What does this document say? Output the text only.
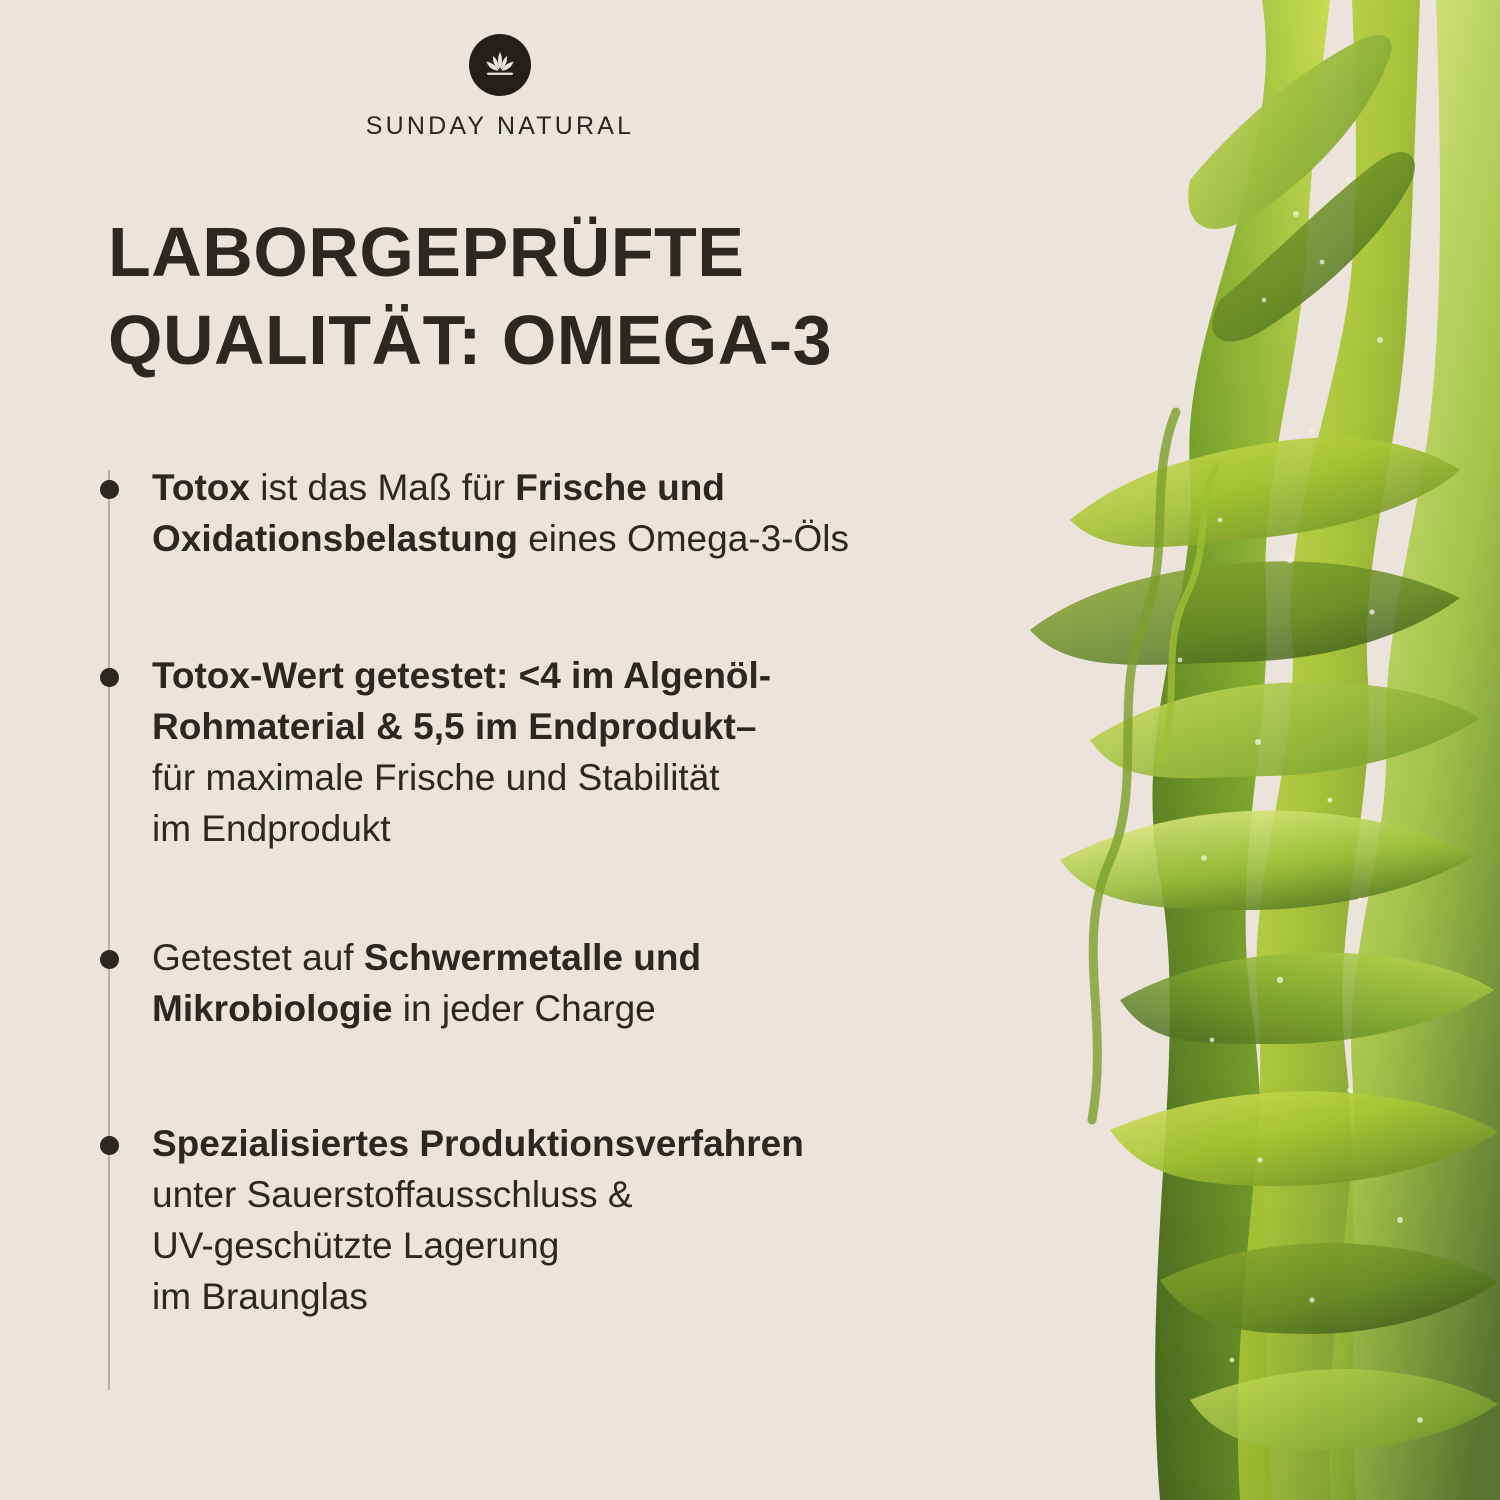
SUNDAY NATURAL
LABORGEPRÜFTE
QUALITÄT: OMEGA-3

Totox ist das Maß für Frische und
Oxidationsbelastung eines Omega-3-Öls

Totox-Wert getestet: <4 im Algenöl-
Rohmaterial & 5,5 im Endprodukt–
für maximale Frische und Stabilität
im Endprodukt

Getestet auf Schwermetalle und
Mikrobiologie in jeder Charge

Spezialisiertes Produktionsverfahren
unter Sauerstoffausschluss &
UV-geschützte Lagerung
im Braunglas
